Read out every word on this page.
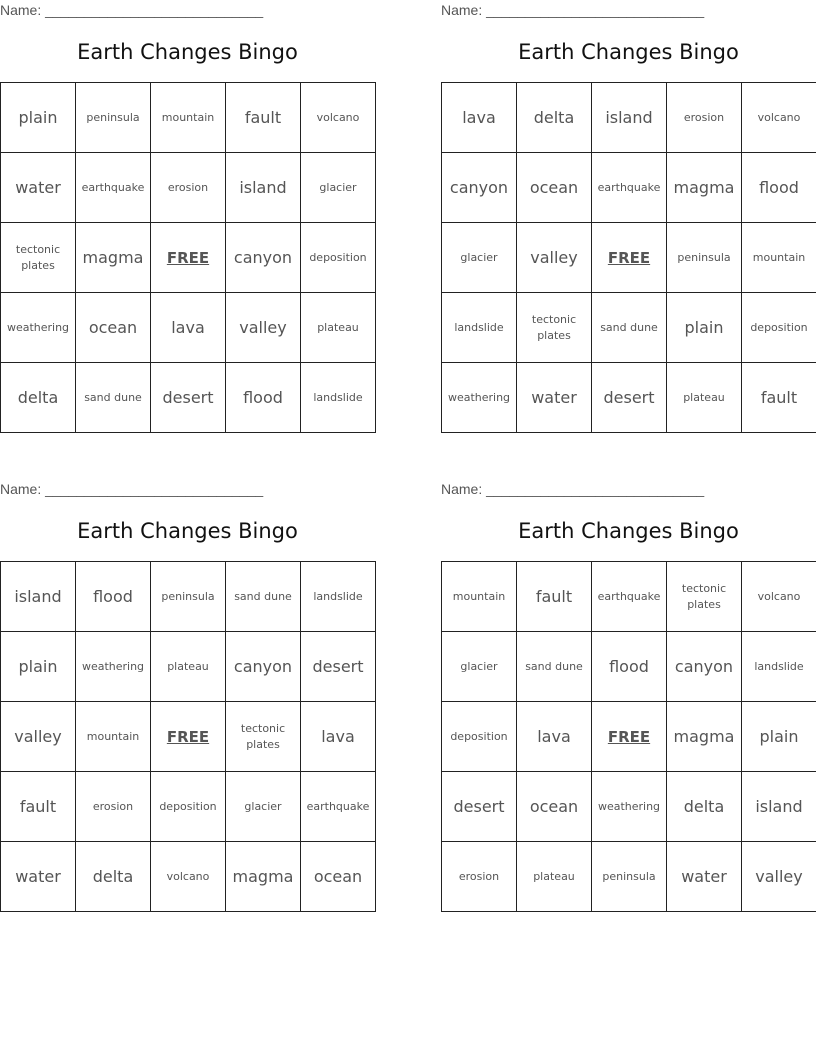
Name: ____________________________
Earth Changes Bingo
plain	peninsula	mountain	fault	volcano
water	earthquake	erosion	island	glacier
tectonic plates	magma	FREE	canyon	deposition
weathering	ocean	lava	valley	plateau
delta	sand dune	desert	flood	landslide
Name: ____________________________
Earth Changes Bingo
lava	delta	island	erosion	volcano
canyon	ocean	earthquake	magma	flood
glacier	valley	FREE	peninsula	mountain
landslide	tectonic plates	sand dune	plain	deposition
weathering	water	desert	plateau	fault
Name: ____________________________
Earth Changes Bingo
island	flood	peninsula	sand dune	landslide
plain	weathering	plateau	canyon	desert
valley	mountain	FREE	tectonic plates	lava
fault	erosion	deposition	glacier	earthquake
water	delta	volcano	magma	ocean
Name: ____________________________
Earth Changes Bingo
mountain	fault	earthquake	tectonic plates	volcano
glacier	sand dune	flood	canyon	landslide
deposition	lava	FREE	magma	plain
desert	ocean	weathering	delta	island
erosion	plateau	peninsula	water	valley
